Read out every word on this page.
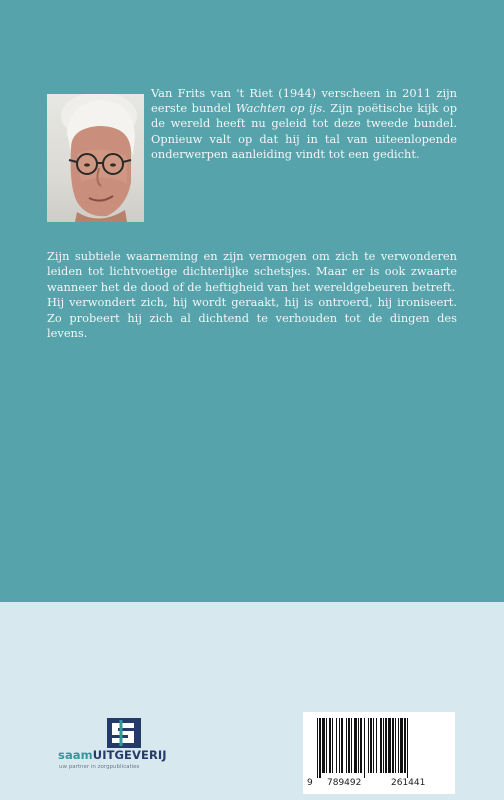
Van Frits van 't Riet (1944) verscheen in 2011 zijn eerste bundel Wachten op ijs. Zijn poëtische kijk op de wereld heeft nu geleid tot deze tweede bundel. Opnieuw valt op dat hij in tal van uiteenlopende onderwerpen aanleiding vindt tot een gedicht.

Zijn subtiele waarneming en zijn vermogen om zich te verwonderen leiden tot lichtvoetige dichterlijke schetsjes. Maar er is ook zwaarte wanneer het de dood of de heftigheid van het wereldgebeuren betreft.

Hij verwondert zich, hij wordt geraakt, hij is ontroerd, hij ironiseert. Zo probeert hij zich al dichtend te verhouden tot de dingen des levens.

saamUITGEVERIJ
uw partner in zorgpublicaties
9 789492	261441
